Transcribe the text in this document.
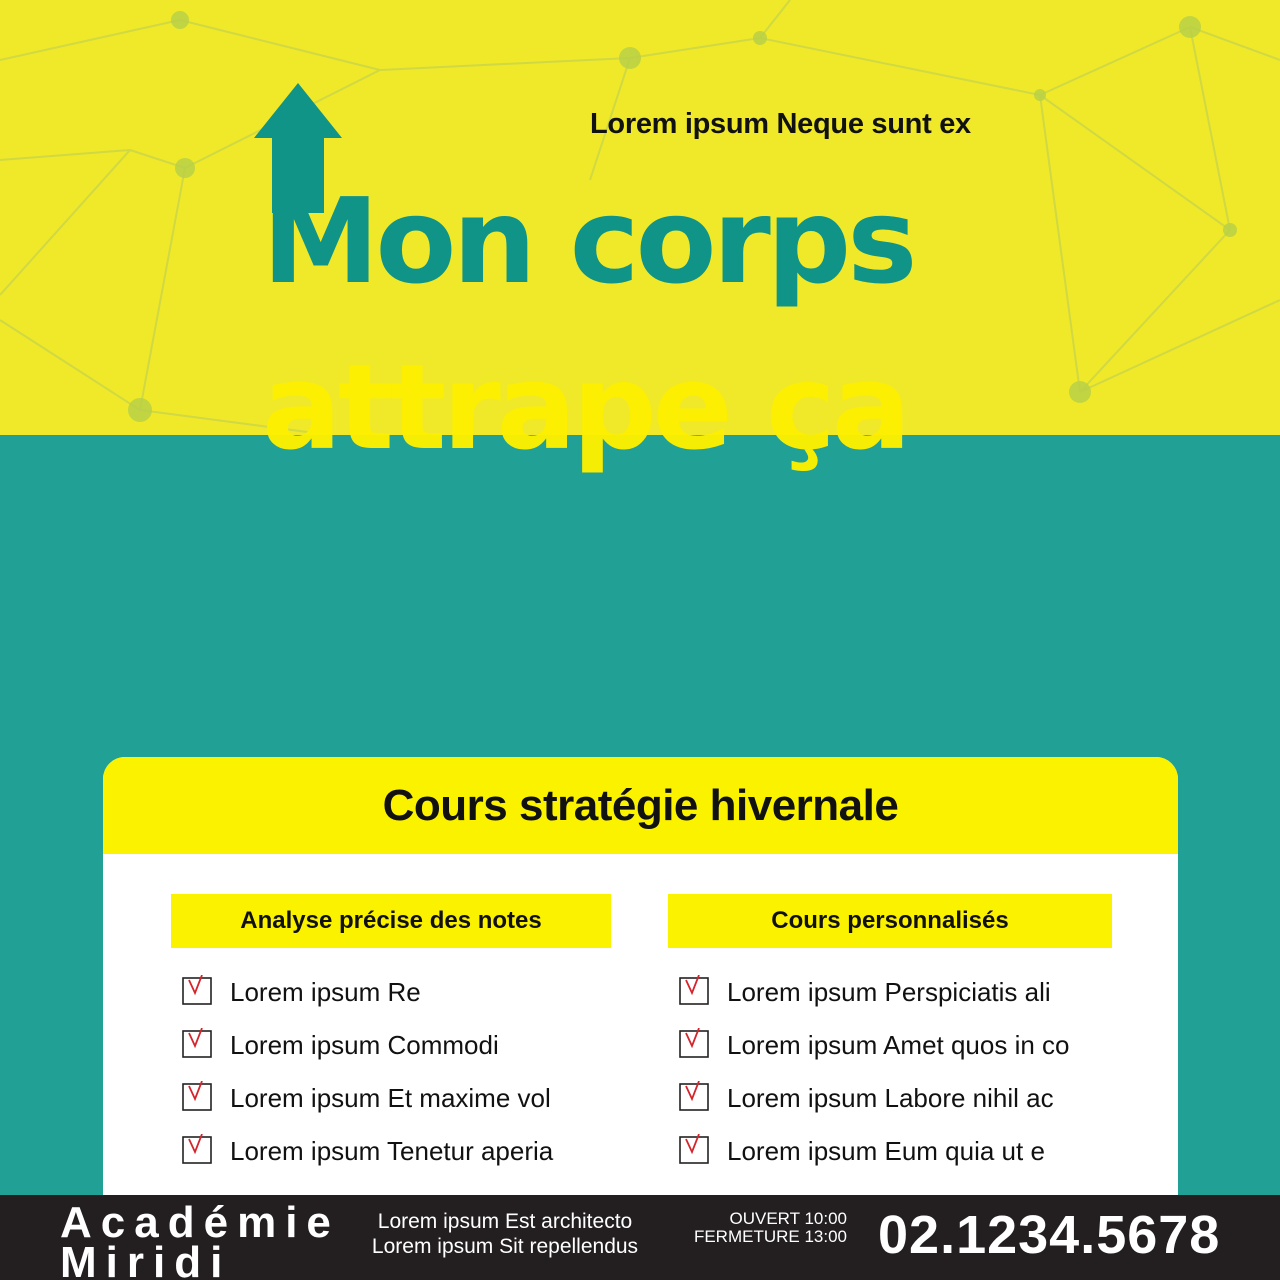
Lorem ipsum Neque sunt ex
Mon corps
attrape ça
Cours stratégie hivernale
Analyse précise des notes
Lorem ipsum Re
Lorem ipsum Commodi
Lorem ipsum Et maxime vol
Lorem ipsum Tenetur aperia
Cours personnalisés
Lorem ipsum Perspiciatis ali
Lorem ipsum Amet quos in co
Lorem ipsum Labore nihil ac
Lorem ipsum Eum quia ut e
Académie Miridi
Lorem ipsum Est architecto
Lorem ipsum Sit repellendus
OUVERT 10:00
FERMETURE 13:00 02.1234.5678
